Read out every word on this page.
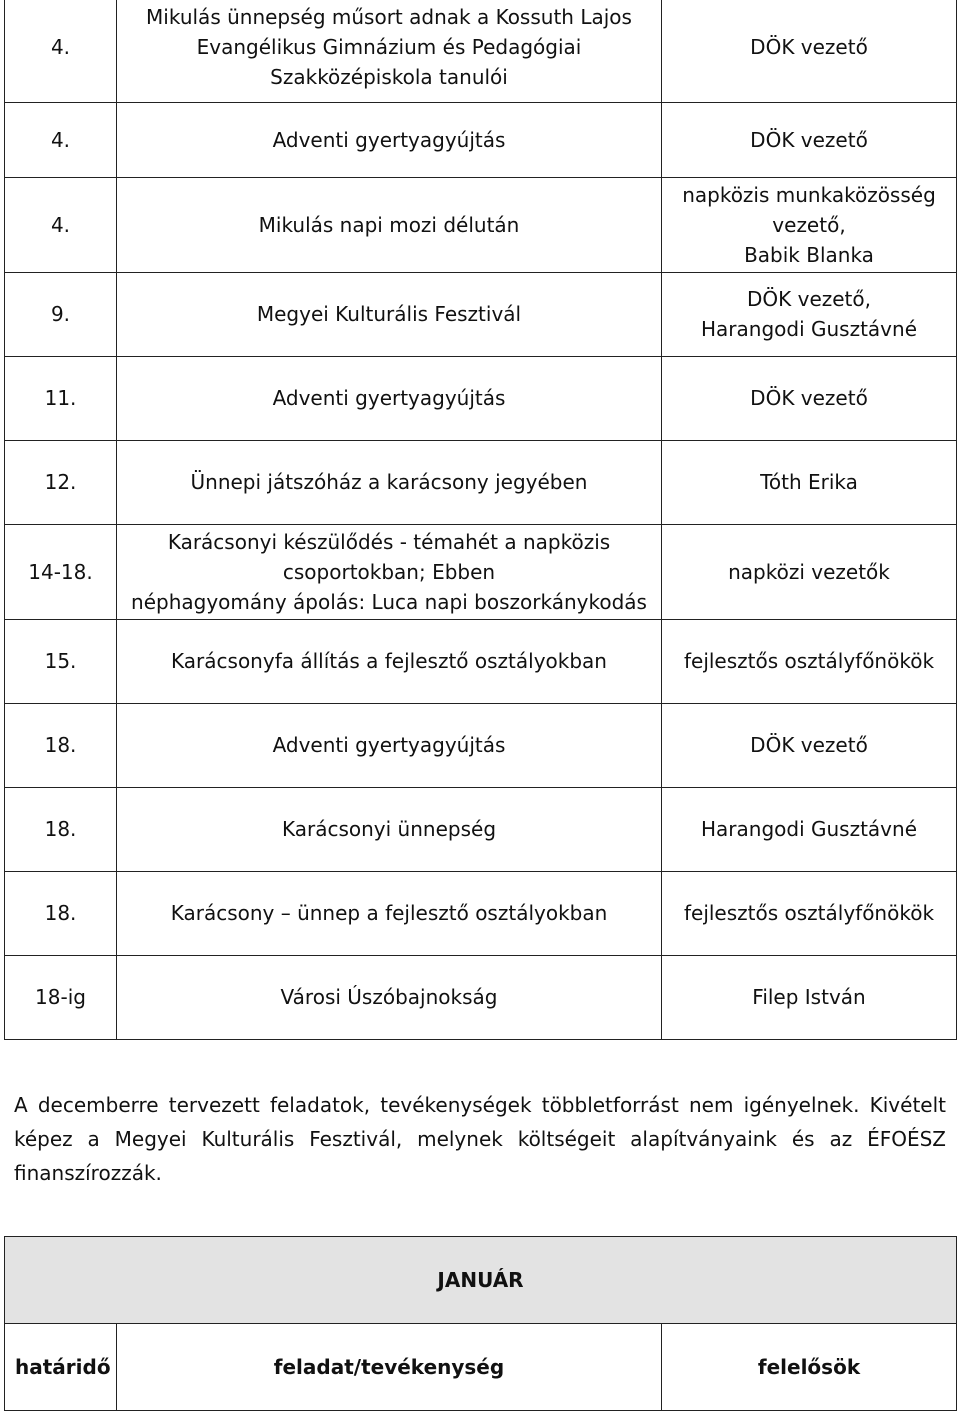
4.	Mikulás ünnepség műsort adnak a Kossuth Lajos
Evangélikus Gimnázium és Pedagógiai
Szakközépiskola tanulói	DÖK vezető
4.	Adventi gyertyagyújtás	DÖK vezető
4.	Mikulás napi mozi délután	napközis munkaközösség
vezető,
Babik Blanka
9.	Megyei Kulturális Fesztivál	DÖK vezető,
Harangodi Gusztávné
11.	Adventi gyertyagyújtás	DÖK vezető
12.	Ünnepi játszóház a karácsony jegyében	Tóth Erika
14-18.	Karácsonyi készülődés - témahét a napközis
csoportokban; Ebben
néphagyomány ápolás: Luca napi boszorkánykodás	napközi vezetők
15.	Karácsonyfa állítás a fejlesztő osztályokban	fejlesztős osztályfőnökök
18.	Adventi gyertyagyújtás	DÖK vezető
18.	Karácsonyi ünnepség	Harangodi Gusztávné
18.	Karácsony – ünnep a fejlesztő osztályokban	fejlesztős osztályfőnökök
18-ig	Városi Úszóbajnokság	Filep István

A decemberre tervezett feladatok, tevékenységek többletforrást nem igényelnek. Kivételt képez a Megyei Kulturális Fesztivál, melynek költségeit alapítványaink és az ÉFOÉSZ finanszírozzák.

JANUÁR
határidő	feladat/tevékenység	felelősök
